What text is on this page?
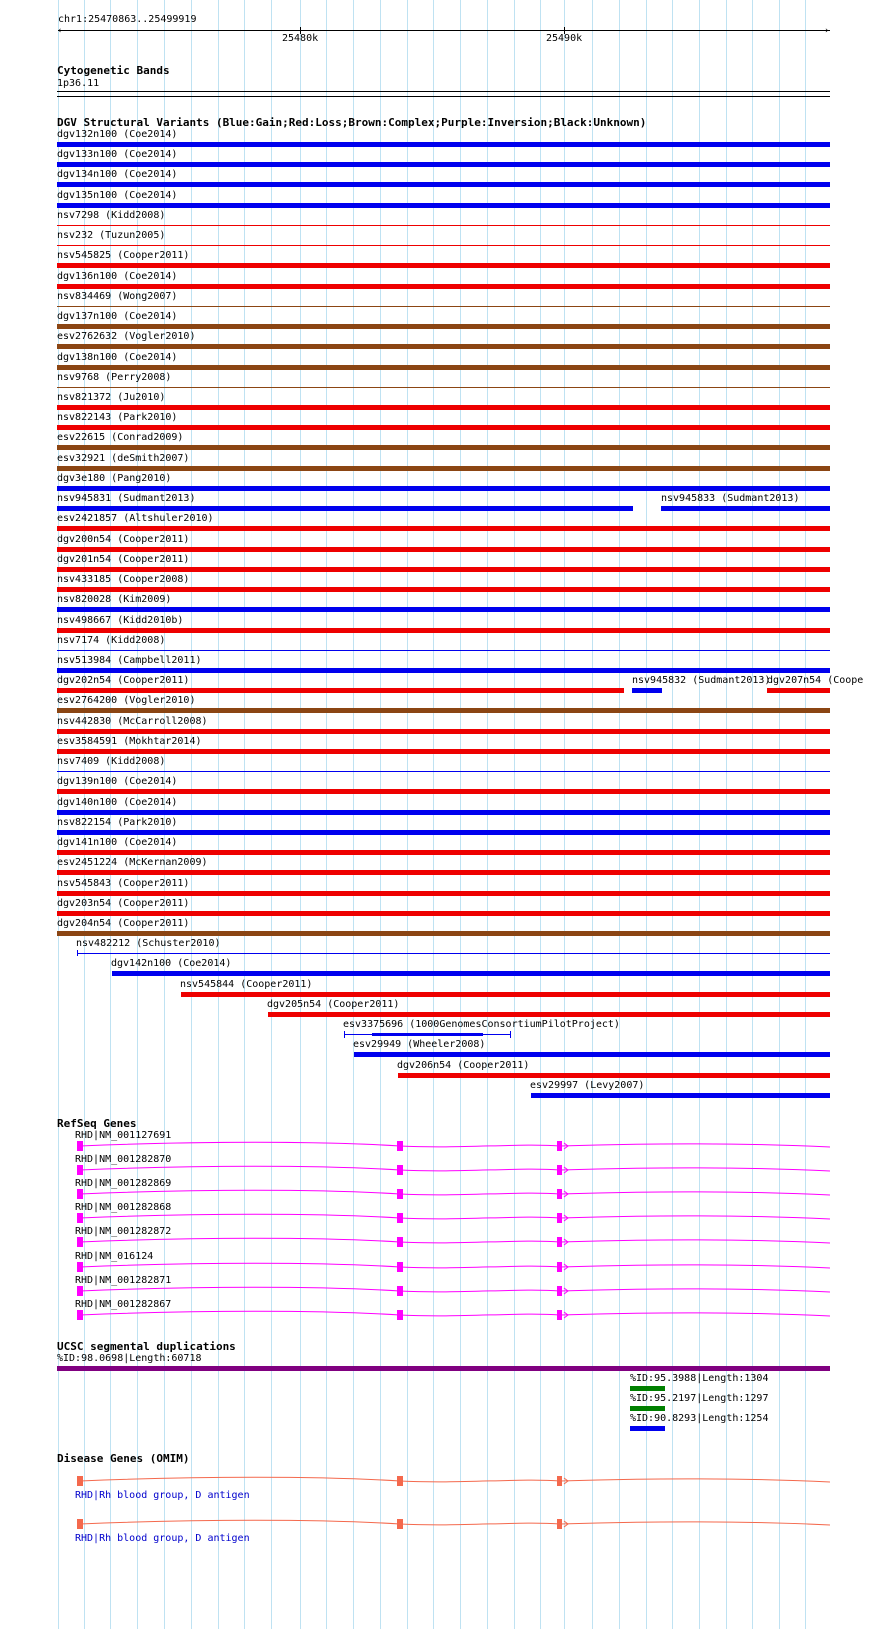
chr1:25470863..25499919
‹	›
25480k	25490k
Cytogenetic Bands
1p36.11
DGV Structural Variants (Blue:Gain;Red:Loss;Brown:Complex;Purple:Inversion;Black:Unknown)
dgv132n100 (Coe2014)
dgv133n100 (Coe2014)
dgv134n100 (Coe2014)
dgv135n100 (Coe2014)
nsv7298 (Kidd2008)
nsv232 (Tuzun2005)
nsv545825 (Cooper2011)
dgv136n100 (Coe2014)
nsv834469 (Wong2007)
dgv137n100 (Coe2014)
esv2762632 (Vogler2010)
dgv138n100 (Coe2014)
nsv9768 (Perry2008)
nsv821372 (Ju2010)
nsv822143 (Park2010)
esv22615 (Conrad2009)
esv32921 (deSmith2007)
dgv3e180 (Pang2010)
nsv945831 (Sudmant2013)
esv2421857 (Altshuler2010)
dgv200n54 (Cooper2011)
dgv201n54 (Cooper2011)
nsv433185 (Cooper2008)
nsv820028 (Kim2009)
nsv498667 (Kidd2010b)
nsv7174 (Kidd2008)
nsv513984 (Campbell2011)
dgv202n54 (Cooper2011)
esv2764200 (Vogler2010)
nsv442830 (McCarroll2008)
esv3584591 (Mokhtar2014)
nsv7409 (Kidd2008)
dgv139n100 (Coe2014)
dgv140n100 (Coe2014)
nsv822154 (Park2010)
dgv141n100 (Coe2014)
esv2451224 (McKernan2009)
nsv545843 (Cooper2011)
dgv203n54 (Cooper2011)
dgv204n54 (Cooper2011)
nsv482212 (Schuster2010)
dgv142n100 (Coe2014)
nsv545844 (Cooper2011)
dgv205n54 (Cooper2011)
esv3375696 (1000GenomesConsortiumPilotProject)
esv29949 (Wheeler2008)
dgv206n54 (Cooper2011)
esv29997 (Levy2007)
nsv945833 (Sudmant2013)
nsv945832 (Sudmant2013)
dgv207n54 (Coope
RefSeq Genes
RHD|NM_001127691
RHD|NM_001282870
RHD|NM_001282869
RHD|NM_001282868
RHD|NM_001282872
RHD|NM_016124
RHD|NM_001282871
RHD|NM_001282867
UCSC segmental duplications
%ID:98.0698|Length:60718
%ID:95.3988|Length:1304
%ID:95.2197|Length:1297
%ID:90.8293|Length:1254
Disease Genes (OMIM)
RHD|Rh blood group, D antigen
RHD|Rh blood group, D antigen
